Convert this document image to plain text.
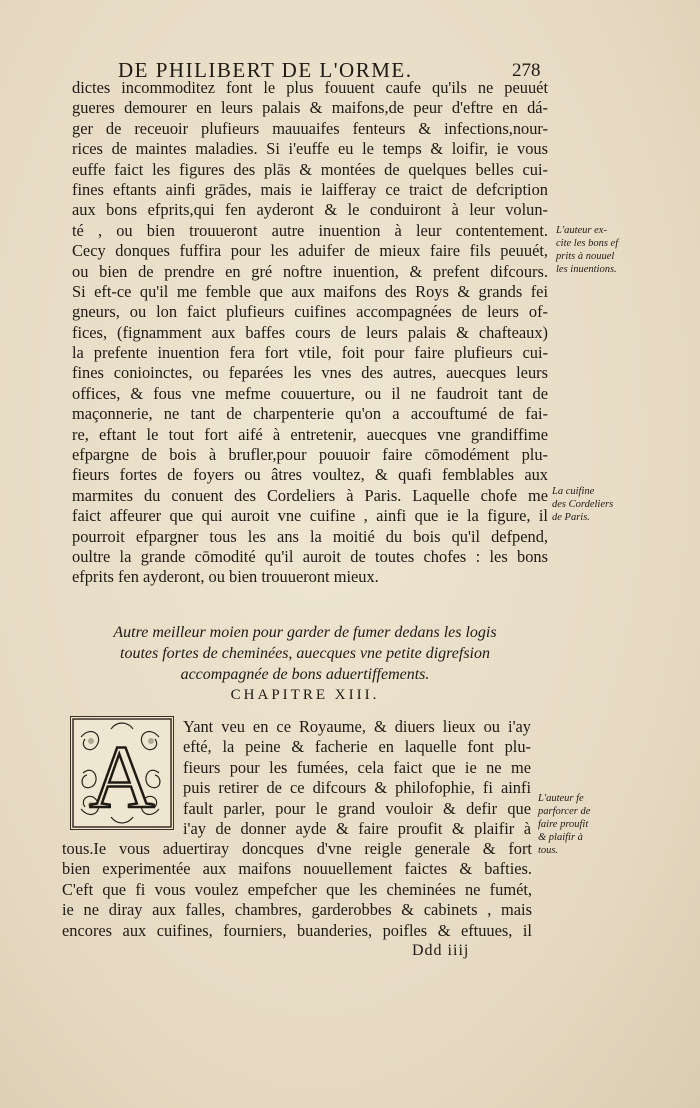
DE PHILIBERT DE L'ORME.	278
dictes incommoditez font le plus fouuent caufe qu'ils ne peuuét
gueres demourer en leurs palais & maifons,de peur d'eftre en dá-
ger de receuoir plufieurs mauuaifes fenteurs & infections,nour-
rices de maintes maladies. Si i'euffe eu le temps & loifir, ie vous
euffe faict les figures des plās & montées de quelques belles cui-
fines eftants ainfi grādes, mais ie laifferay ce traict de defcription
aux bons efprits,qui fen ayderont & le conduiront à leur volun-
té , ou bien trouueront autre inuention à leur contentement.
Cecy donques fuffira pour les aduifer de mieux faire fils peuuét,
ou bien de prendre en gré noftre inuention, & prefent difcours.
Si eft-ce qu'il me femble que aux maifons des Roys & grands fei
gneurs, ou lon faict plufieurs cuifines accompagnées de leurs of-
fices, (fignamment aux baffes cours de leurs palais & chafteaux)
la prefente inuention fera fort vtile, foit pour faire plufieurs cui-
fines conioinctes, ou feparées les vnes des autres, auecques leurs
offices, & fous vne mefme couuerture, ou il ne faudroit tant de
maçonnerie, ne tant de charpenterie qu'on a accouftumé de fai-
re, eftant le tout fort aifé à entretenir, auecques vne grandiffime
efpargne de bois à brufler,pour pouuoir faire cōmodément plu-
fieurs fortes de foyers ou âtres voultez, & quafi femblables aux
marmites du conuent des Cordeliers à Paris. Laquelle chofe me
faict affeurer que qui auroit vne cuifine , ainfi que ie la figure, il
pourroit efpargner tous les ans la moitié du bois qu'il defpend,
oultre la grande cōmodité qu'il auroit de toutes chofes : les bons
efprits fen ayderont, ou bien trouueront mieux.
L'auteur ex-
cite les bons ef
prits à nouuel
les inuentions.
La cuifine
des Cordeliers
de Paris.
Autre meilleur moien pour garder de fumer dedans les logis
toutes fortes de cheminées, auecques vne petite digrefsion
accompagnée de bons aduertiffements.
CHAPITRE XIII.
A
Yant veu en ce Royaume, & diuers lieux ou i'ay
efté, la peine & facherie en laquelle font plu-
fieurs pour les fumées, cela faict que ie ne me
puis retirer de ce difcours & philofophie, fi ainfi
fault parler, pour le grand vouloir & defir que
i'ay de donner ayde & faire proufit & plaifir à
L'auteur fe
parforcer de
faire proufit
& plaifir à
tous.
tous.Ie vous aduertiray doncques d'vne reigle generale & fort
bien experimentée aux maifons nouuellement faictes & bafties.
C'eft que fi vous voulez empefcher que les cheminées ne fumét,
ie ne diray aux falles, chambres, garderobbes & cabinets , mais
encores aux cuifines, fourniers, buanderies, poifles & eftuues, il
Ddd iiij
